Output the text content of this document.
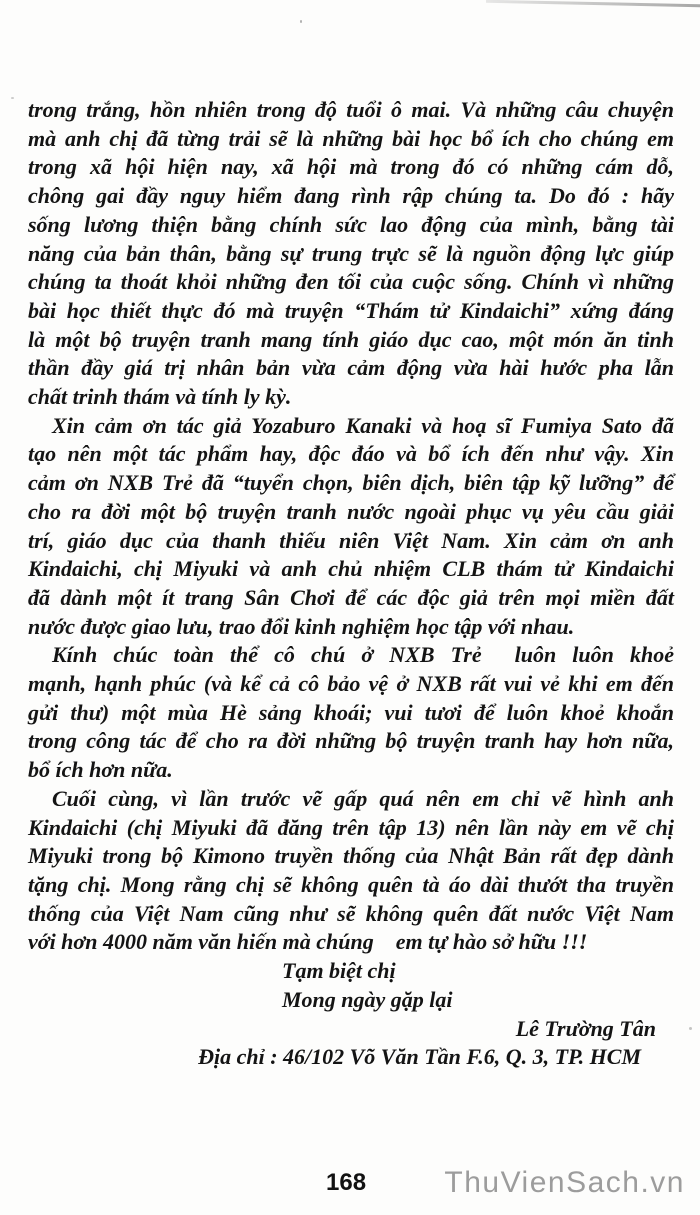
trong trắng, hồn nhiên trong độ tuổi ô mai. Và những câu chuyện
mà anh chị đã từng trải sẽ là những bài học bổ ích cho chúng em
trong xã hội hiện nay, xã hội mà trong đó có những cám dỗ,
chông gai đầy nguy hiểm đang rình rập chúng ta. Do đó : hãy
sống lương thiện bằng chính sức lao động của mình, bằng tài
năng của bản thân, bằng sự trung trực sẽ là nguồn động lực giúp
chúng ta thoát khỏi những đen tối của cuộc sống. Chính vì những
bài học thiết thực đó mà truyện “Thám tử Kindaichi” xứng đáng
là một bộ truyện tranh mang tính giáo dục cao, một món ăn tinh
thần đầy giá trị nhân bản vừa cảm động vừa hài hước pha lẫn
chất trinh thám và tính ly kỳ.
Xin cảm ơn tác giả Yozaburo Kanaki và hoạ sĩ Fumiya Sato đã
tạo nên một tác phẩm hay, độc đáo và bổ ích đến như vậy. Xin
cảm ơn NXB Trẻ đã “tuyển chọn, biên dịch, biên tập kỹ lưỡng” để
cho ra đời một bộ truyện tranh nước ngoài phục vụ yêu cầu giải
trí, giáo dục của thanh thiếu niên Việt Nam. Xin cảm ơn anh
Kindaichi, chị Miyuki và anh chủ nhiệm CLB thám tử Kindaichi
đã dành một ít trang Sân Chơi để các độc giả trên mọi miền đất
nước được giao lưu, trao đổi kinh nghiệm học tập với nhau.
Kính chúc toàn thể cô chú ở NXB Trẻ  luôn luôn khoẻ
mạnh, hạnh phúc (và kể cả cô bảo vệ ở NXB rất vui vẻ khi em đến
gửi thư) một mùa Hè sảng khoái; vui tươi để luôn khoẻ khoắn
trong công tác để cho ra đời những bộ truyện tranh hay hơn nữa,
bổ ích hơn nữa.
Cuối cùng, vì lần trước vẽ gấp quá nên em chỉ vẽ hình anh
Kindaichi (chị Miyuki đã đăng trên tập 13) nên lần này em vẽ chị
Miyuki trong bộ Kimono truyền thống của Nhật Bản rất đẹp dành
tặng chị. Mong rằng chị sẽ không quên tà áo dài thướt tha truyền
thống của Việt Nam cũng như sẽ không quên đất nước Việt Nam
với hơn 4000 năm văn hiến mà chúng em tự hào sở hữu !!!
Tạm biệt chị
Mong ngày gặp lại
Lê Trường Tân
Địa chỉ : 46/102 Võ Văn Tần F.6, Q. 3, TP. HCM
168	ThuVienSach.vn
